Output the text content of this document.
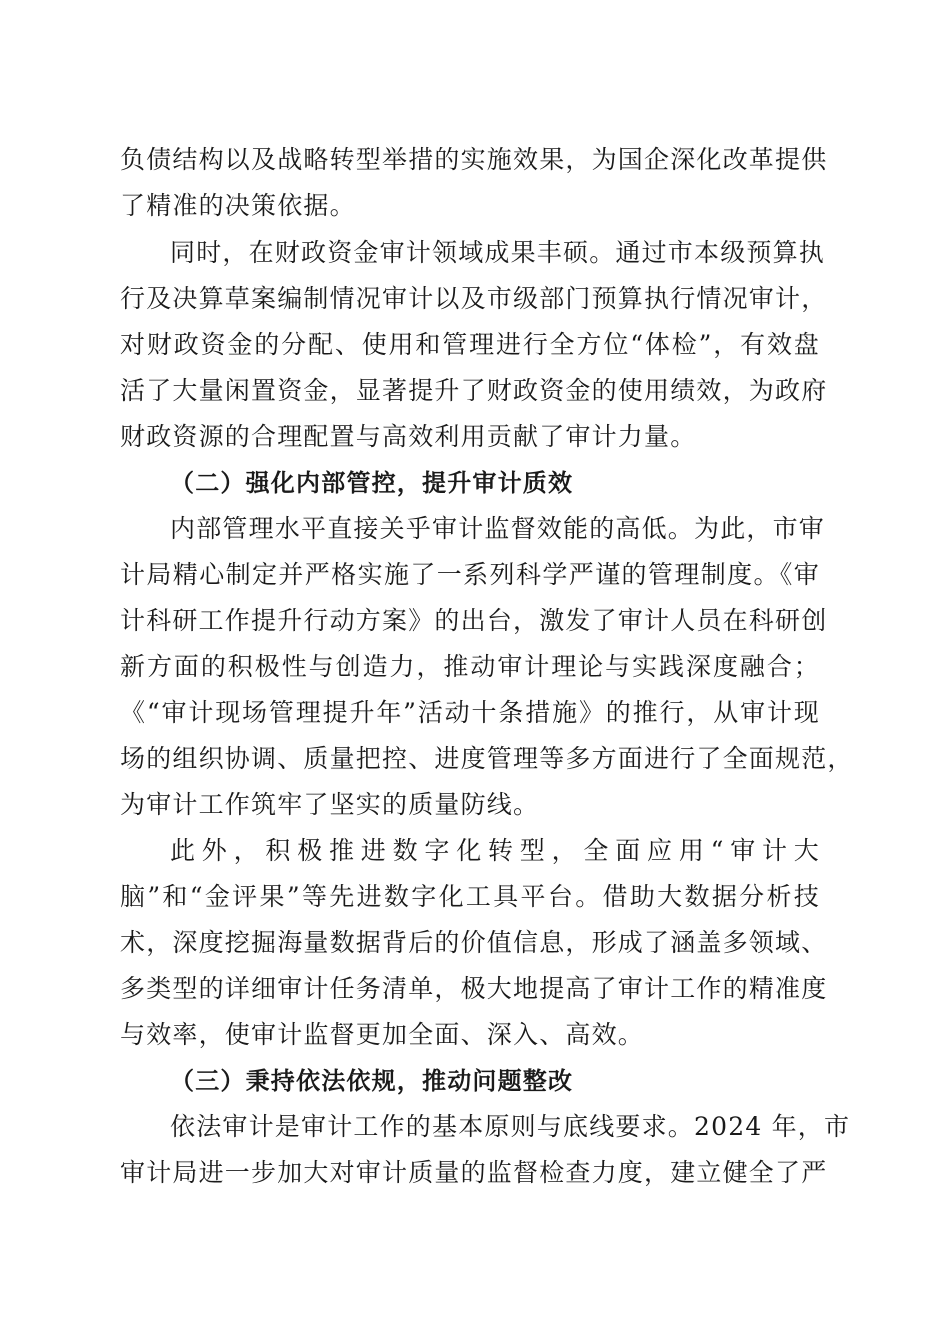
负债结构以及战略转型举措的实施效果，为国企深化改革提供
了精准的决策依据。
同时，在财政资金审计领域成果丰硕。通过市本级预算执
行及决算草案编制情况审计以及市级部门预算执行情况审计，
对财政资金的分配、使用和管理进行全方位“体检”，有效盘
活了大量闲置资金，显著提升了财政资金的使用绩效，为政府
财政资源的合理配置与高效利用贡献了审计力量。
（二）强化内部管控，提升审计质效
内部管理水平直接关乎审计监督效能的高低。为此，市审
计局精心制定并严格实施了一系列科学严谨的管理制度。《审
计科研工作提升行动方案》的出台，激发了审计人员在科研创
新方面的积极性与创造力，推动审计理论与实践深度融合；
《“审计现场管理提升年”活动十条措施》的推行，从审计现
场的组织协调、质量把控、进度管理等多方面进行了全面规范，
为审计工作筑牢了坚实的质量防线。
此外，积极推进数字化转型，全面应用“审计大
脑”和“金评果”等先进数字化工具平台。借助大数据分析技
术，深度挖掘海量数据背后的价值信息，形成了涵盖多领域、
多类型的详细审计任务清单，极大地提高了审计工作的精准度
与效率，使审计监督更加全面、深入、高效。
（三）秉持依法依规，推动问题整改
依法审计是审计工作的基本原则与底线要求。2024 年，市
审计局进一步加大对审计质量的监督检查力度，建立健全了严
